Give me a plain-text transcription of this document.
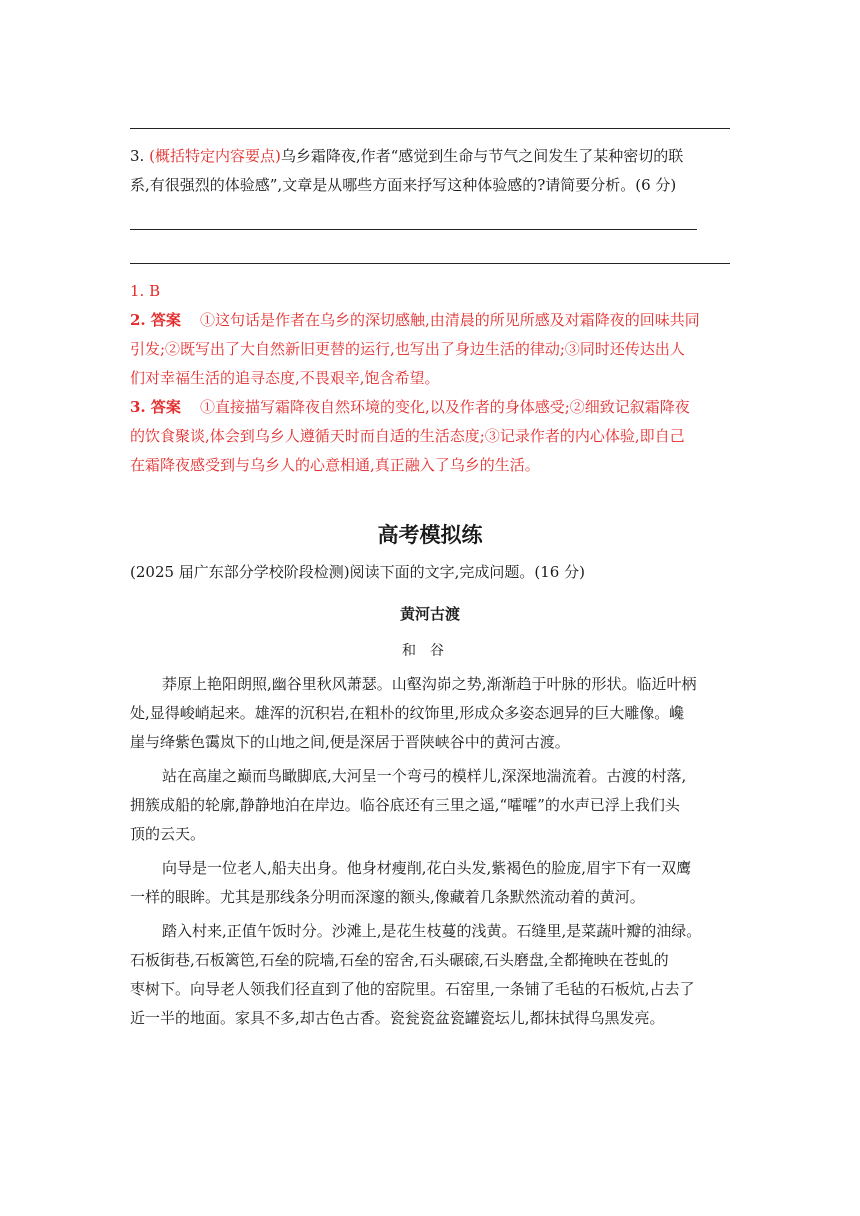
3. (概括特定内容要点)乌乡霜降夜,作者“感觉到生命与节气之间发生了某种密切的联
系,有很强烈的体验感”,文章是从哪些方面来抒写这种体验感的?请简要分析。(6 分)
1. B
2. 答案 ①这句话是作者在乌乡的深切感触,由清晨的所见所感及对霜降夜的回味共同
引发;②既写出了大自然新旧更替的运行,也写出了身边生活的律动;③同时还传达出人
们对幸福生活的追寻态度,不畏艰辛,饱含希望。
3. 答案 ①直接描写霜降夜自然环境的变化,以及作者的身体感受;②细致记叙霜降夜
的饮食聚谈,体会到乌乡人遵循天时而自适的生活态度;③记录作者的内心体验,即自己
在霜降夜感受到与乌乡人的心意相通,真正融入了乌乡的生活。
高考模拟练
(2025 届广东部分学校阶段检测)阅读下面的文字,完成问题。(16 分)
黄河古渡
和谷
莽原上艳阳朗照,幽谷里秋风萧瑟。山壑沟峁之势,渐渐趋于叶脉的形状。临近叶柄
处,显得峻峭起来。雄浑的沉积岩,在粗朴的纹饰里,形成众多姿态迥异的巨大雕像。巉
崖与绛紫色霭岚下的山地之间,便是深居于晋陕峡谷中的黄河古渡。
站在高崖之巅而鸟瞰脚底,大河呈一个弯弓的模样儿,深深地湍流着。古渡的村落,
拥簇成船的轮廓,静静地泊在岸边。临谷底还有三里之遥,“嚯嚯”的水声已浮上我们头
顶的云天。
向导是一位老人,船夫出身。他身材瘦削,花白头发,紫褐色的脸庞,眉宇下有一双鹰
一样的眼眸。尤其是那线条分明而深邃的额头,像藏着几条默然流动着的黄河。
踏入村来,正值午饭时分。沙滩上,是花生枝蔓的浅黄。石缝里,是菜蔬叶瓣的油绿。
石板街巷,石板篱笆,石垒的院墙,石垒的窑舍,石头碾磙,石头磨盘,全都掩映在苍虬的
枣树下。向导老人领我们径直到了他的窑院里。石窑里,一条铺了毛毡的石板炕,占去了
近一半的地面。家具不多,却古色古香。瓷瓮瓷盆瓷罐瓷坛儿,都抹拭得乌黑发亮。
